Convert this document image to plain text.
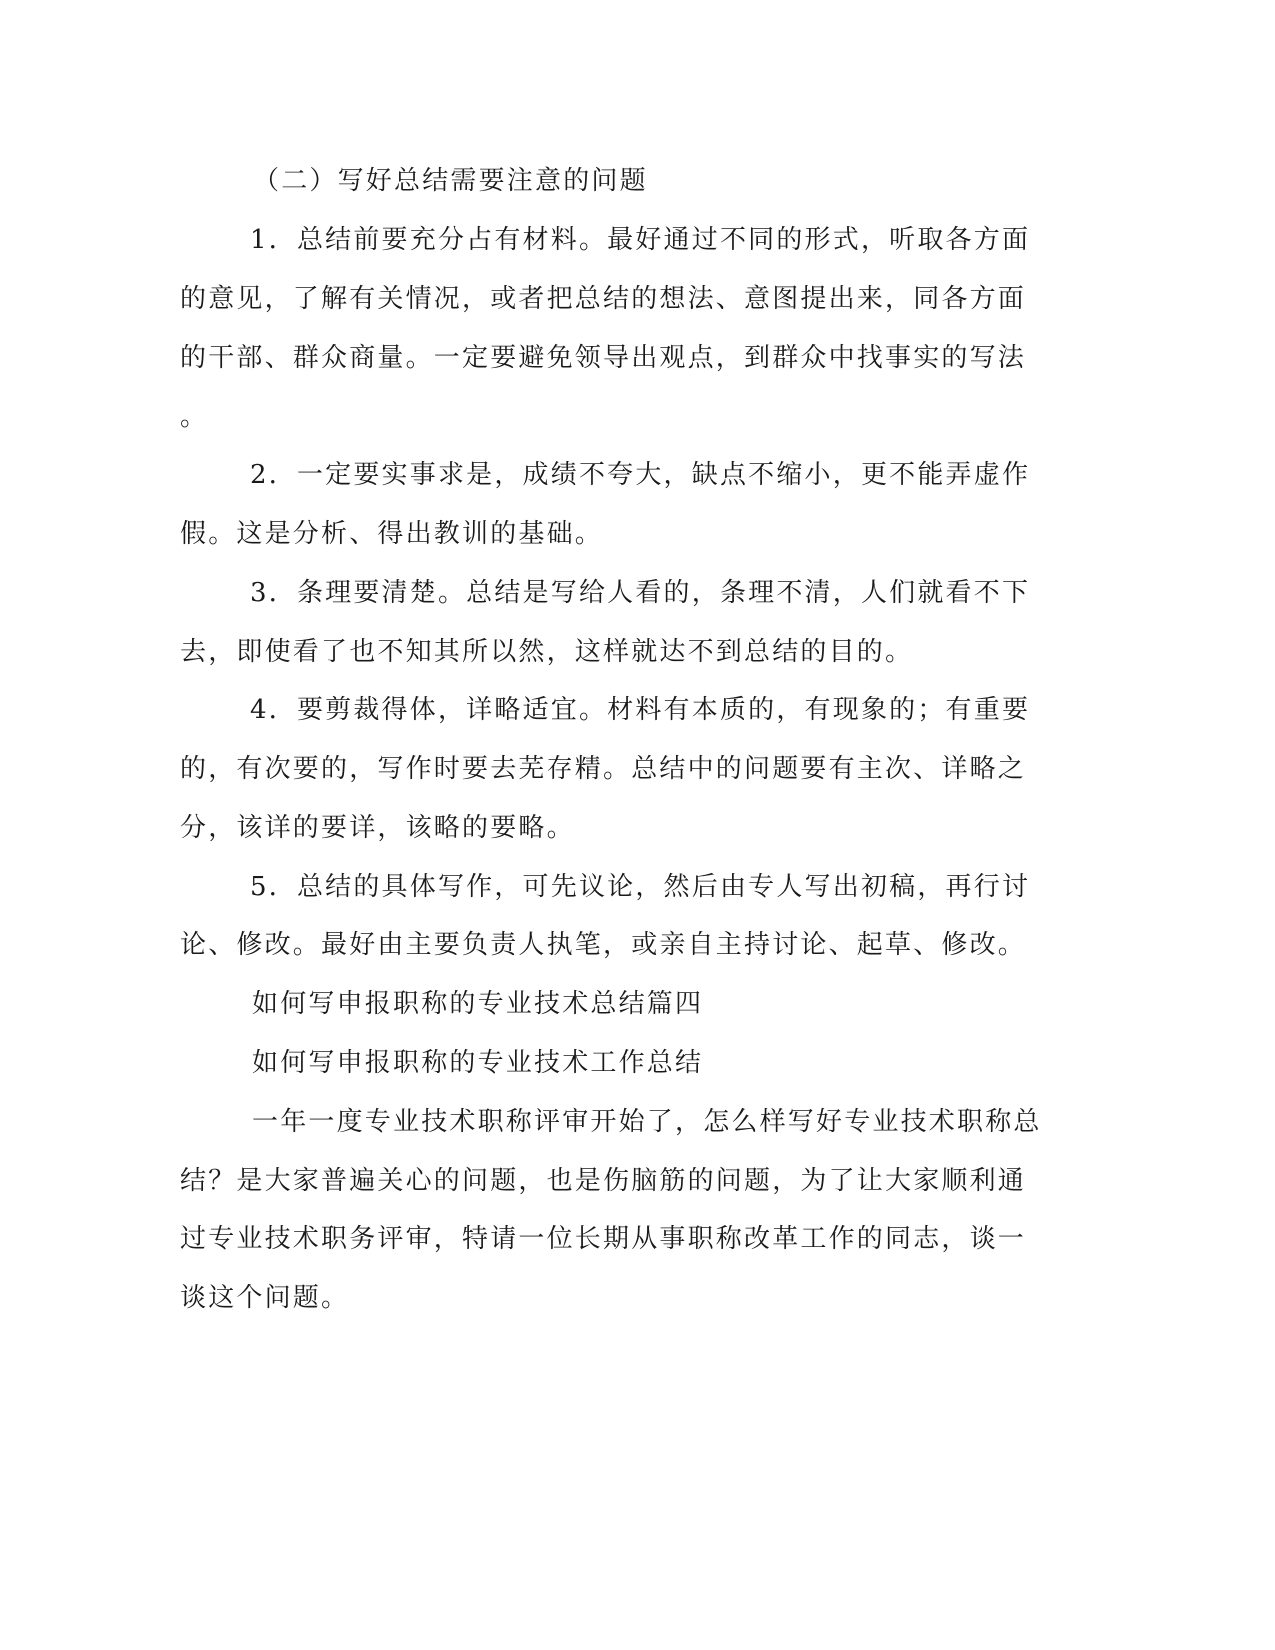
（二）写好总结需要注意的问题
1．总结前要充分占有材料。最好通过不同的形式，听取各方面
的意见，了解有关情况，或者把总结的想法、意图提出来，同各方面
的干部、群众商量。一定要避免领导出观点，到群众中找事实的写法
。
2．一定要实事求是，成绩不夸大，缺点不缩小，更不能弄虚作
假。这是分析、得出教训的基础。
3．条理要清楚。总结是写给人看的，条理不清，人们就看不下
去，即使看了也不知其所以然，这样就达不到总结的目的。
4．要剪裁得体，详略适宜。材料有本质的，有现象的；有重要
的，有次要的，写作时要去芜存精。总结中的问题要有主次、详略之
分，该详的要详，该略的要略。
5．总结的具体写作，可先议论，然后由专人写出初稿，再行讨
论、修改。最好由主要负责人执笔，或亲自主持讨论、起草、修改。
如何写申报职称的专业技术总结篇四
如何写申报职称的专业技术工作总结
一年一度专业技术职称评审开始了，怎么样写好专业技术职称总
结？是大家普遍关心的问题，也是伤脑筋的问题，为了让大家顺利通
过专业技术职务评审，特请一位长期从事职称改革工作的同志，谈一
谈这个问题。
